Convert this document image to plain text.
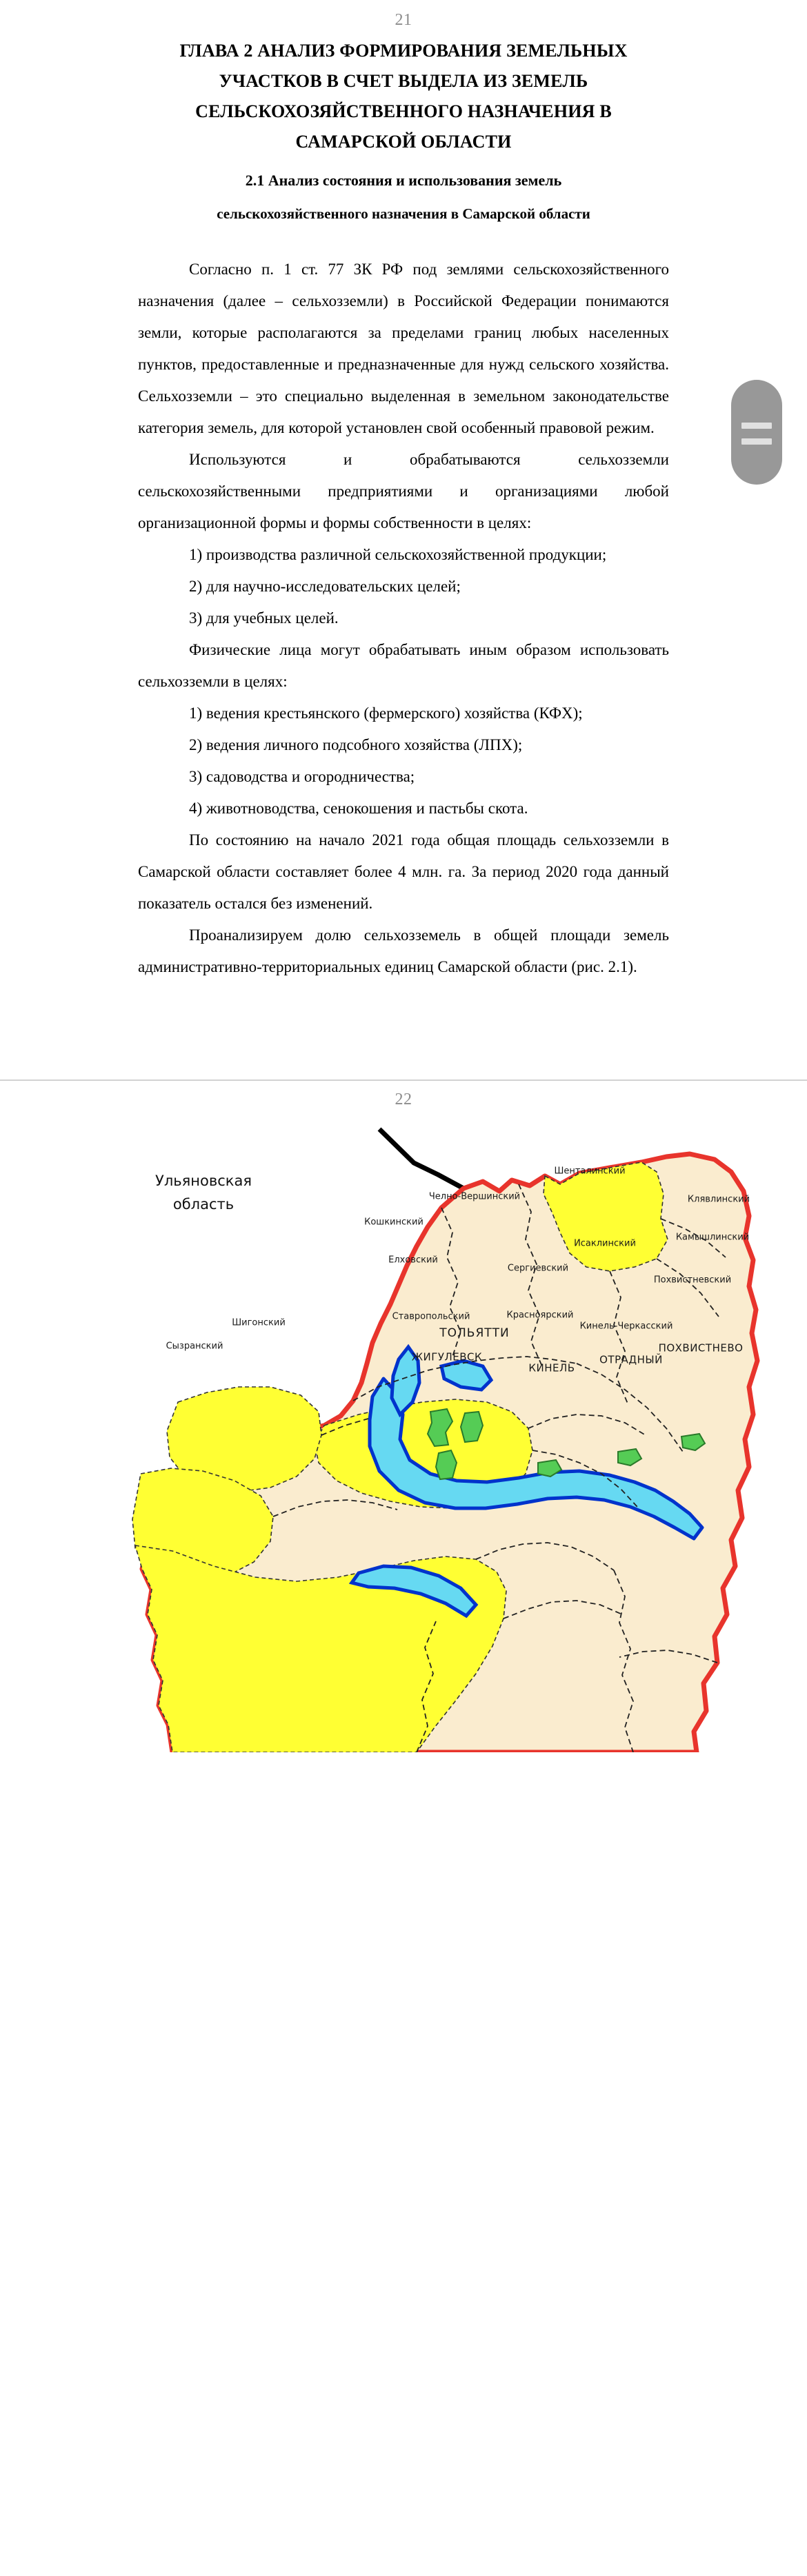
21
ГЛАВА 2 АНАЛИЗ ФОРМИРОВАНИЯ ЗЕМЕЛЬНЫХ УЧАСТКОВ В СЧЕТ ВЫДЕЛА ИЗ ЗЕМЕЛЬ СЕЛЬСКОХОЗЯЙСТВЕННОГО НАЗНАЧЕНИЯ В САМАРСКОЙ ОБЛАСТИ
2.1 Анализ состояния и использования земель
сельскохозяйственного назначения в Самарской области

Согласно п. 1 ст. 77 ЗК РФ под землями сельскохозяйственного назначения (далее – сельхозземли) в Российской Федерации понимаются земли, которые располагаются за пределами границ любых населенных пунктов, предоставленные и предназначенные для нужд сельского хозяйства. Сельхозземли – это специально выделенная в земельном законодательстве категория земель, для которой установлен свой особенный правовой режим.

Используются и обрабатываются сельхозземли сельскохозяйственными предприятиями и организациями любой организационной формы и формы собственности в целях:

1) производства различной сельскохозяйственной продукции;

2) для научно-исследовательских целей;

3) для учебных целей.

Физические лица могут обрабатывать иным образом использовать сельхозземли в целях:

1) ведения крестьянского (фермерского) хозяйства (КФХ);

2) ведения личного подсобного хозяйства (ЛПХ);

3) садоводства и огородничества;

4) животноводства, сенокошения и пастьбы скота.

По состоянию на начало 2021 года общая площадь сельхозземли в Самарской области составляет более 4 млн. га. За период 2020 года данный показатель остался без изменений.

Проанализируем долю сельхозземель в общей площади земель административно-территориальных единиц Самарской области (рис. 2.1).

22
Ульяновская
область
Шенталинский
Челно-Вершинский	Клявлинский
Кошкинский
Камышлинский
Исаклинский
Елховский
Сергиевский
Похвистневский
Ставропольский	Красноярский
Шигонский	Кинель-Черкасский
Сызранский
ТОЛЬЯТТИ
ЖИГУЛЕВСК
ПОХВИСТНЕВО
ОТРАДНЫЙ
КИНЕЛЬ
